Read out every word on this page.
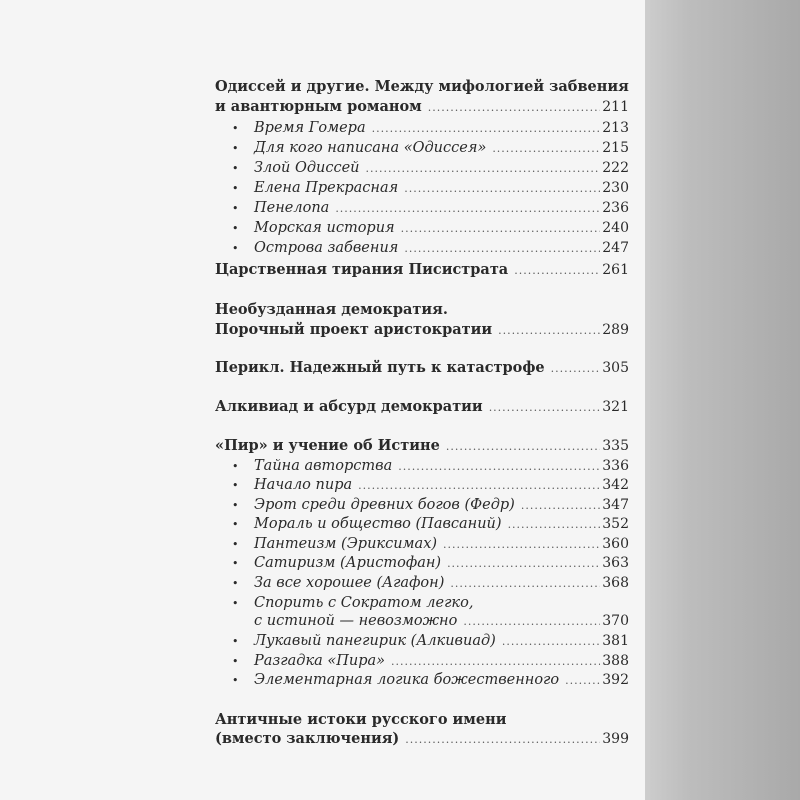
Одиссей и другие. Между мифологией забвения
и авантюрным романом .....	211
•	Время Гомера .....	213
•	Для кого написана «Одиссея» .....	215
•	Злой Одиссей .....	222
•	Елена Прекрасная .....	230
•	Пенелопа .....	236
•	Морская история .....	240
•	Острова забвения .....	247
Царственная тирания Писистрата .....	261
Необузданная демократия.
Порочный проект аристократии .....	289
Перикл. Надежный путь к катастрофе .....	305
Алкивиад и абсурд демократии .....	321
«Пир» и учение об Истине .....	335
•	Тайна авторства .....	336
•	Начало пира .....	342
•	Эрот среди древних богов (Федр) .....	347
•	Мораль и общество (Павсаний) .....	352
•	Пантеизм (Эриксимах) .....	360
•	Сатиризм (Аристофан) .....	363
•	За все хорошее (Агафон) .....	368
•	Спорить с Сократом легко,
с истиной — невозможно .....	370
•	Лукавый панегирик (Алкивиад) .....	381
•	Разгадка «Пира» .....	388
•	Элементарная логика божественного .....	392
Античные истоки русского имени
(вместо заключения) .....	399
